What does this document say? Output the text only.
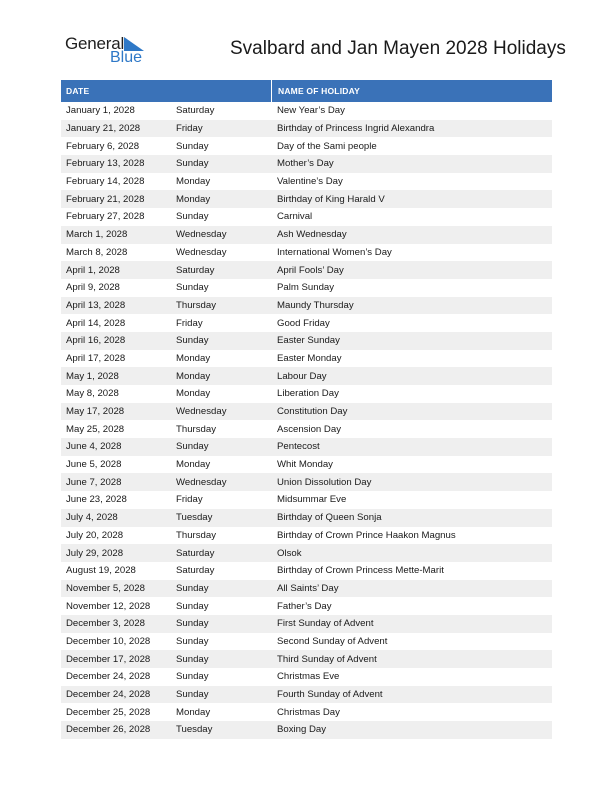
General
Blue	Svalbard and Jan Mayen 2028 Holidays
DATE	NAME OF HOLIDAY
January 1, 2028	Saturday	New Year’s Day
January 21, 2028	Friday	Birthday of Princess Ingrid Alexandra
February 6, 2028	Sunday	Day of the Sami people
February 13, 2028	Sunday	Mother’s Day
February 14, 2028	Monday	Valentine’s Day
February 21, 2028	Monday	Birthday of King Harald V
February 27, 2028	Sunday	Carnival
March 1, 2028	Wednesday	Ash Wednesday
March 8, 2028	Wednesday	International Women’s Day
April 1, 2028	Saturday	April Fools’ Day
April 9, 2028	Sunday	Palm Sunday
April 13, 2028	Thursday	Maundy Thursday
April 14, 2028	Friday	Good Friday
April 16, 2028	Sunday	Easter Sunday
April 17, 2028	Monday	Easter Monday
May 1, 2028	Monday	Labour Day
May 8, 2028	Monday	Liberation Day
May 17, 2028	Wednesday	Constitution Day
May 25, 2028	Thursday	Ascension Day
June 4, 2028	Sunday	Pentecost
June 5, 2028	Monday	Whit Monday
June 7, 2028	Wednesday	Union Dissolution Day
June 23, 2028	Friday	Midsummar Eve
July 4, 2028	Tuesday	Birthday of Queen Sonja
July 20, 2028	Thursday	Birthday of Crown Prince Haakon Magnus
July 29, 2028	Saturday	Olsok
August 19, 2028	Saturday	Birthday of Crown Princess Mette-Marit
November 5, 2028	Sunday	All Saints’ Day
November 12, 2028	Sunday	Father’s Day
December 3, 2028	Sunday	First Sunday of Advent
December 10, 2028	Sunday	Second Sunday of Advent
December 17, 2028	Sunday	Third Sunday of Advent
December 24, 2028	Sunday	Christmas Eve
December 24, 2028	Sunday	Fourth Sunday of Advent
December 25, 2028	Monday	Christmas Day
December 26, 2028	Tuesday	Boxing Day
